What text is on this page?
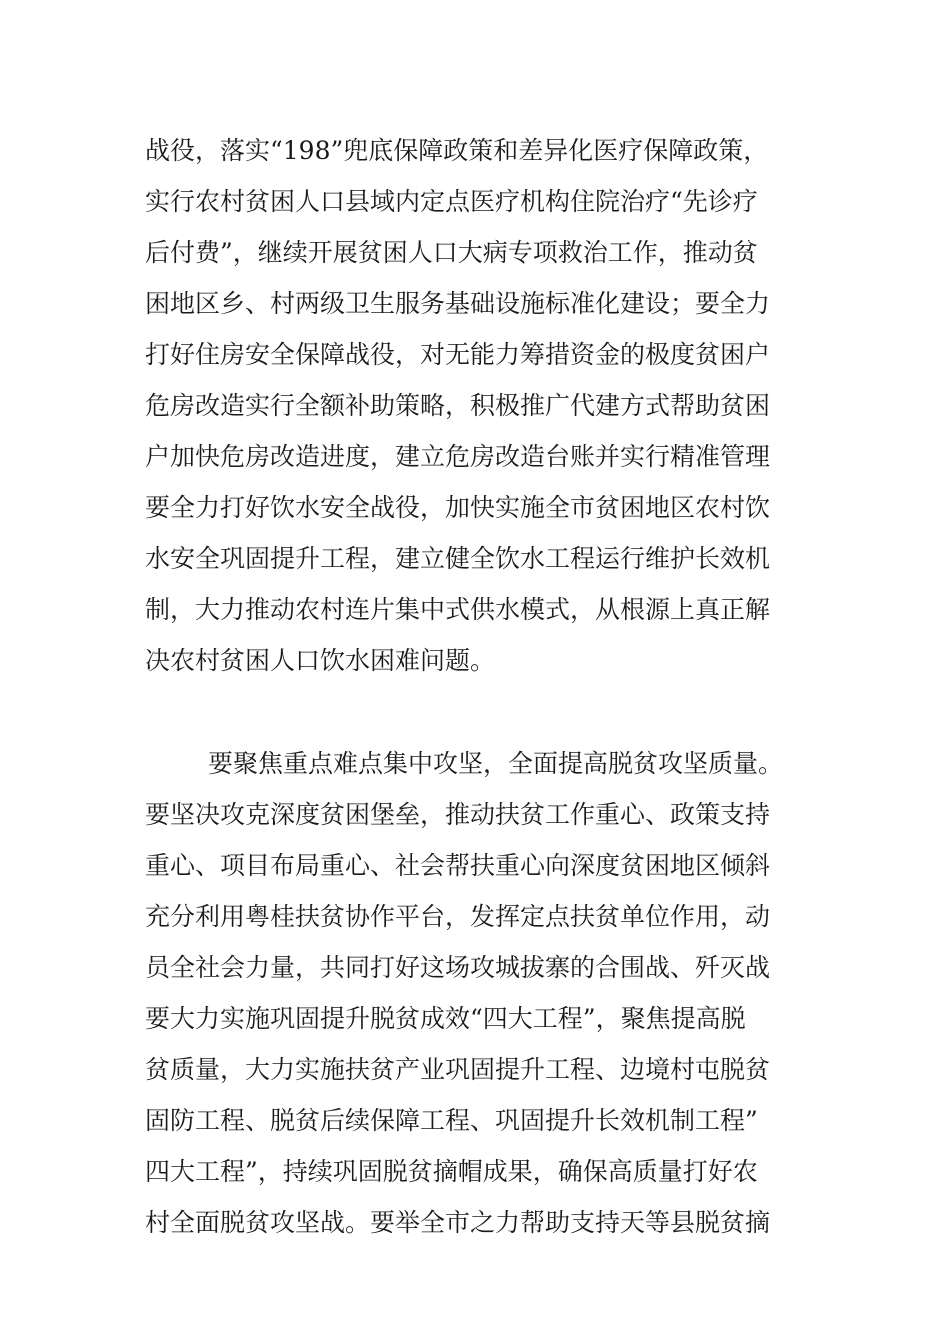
战役，落实“198”兜底保障政策和差异化医疗保障政策，
实行农村贫困人口县域内定点医疗机构住院治疗“先诊疗
后付费”，继续开展贫困人口大病专项救治工作，推动贫
困地区乡、村两级卫生服务基础设施标准化建设；要全力
打好住房安全保障战役，对无能力筹措资金的极度贫困户
危房改造实行全额补助策略，积极推广代建方式帮助贫困
户加快危房改造进度，建立危房改造台账并实行精准管理
要全力打好饮水安全战役，加快实施全市贫困地区农村饮
水安全巩固提升工程，建立健全饮水工程运行维护长效机
制，大力推动农村连片集中式供水模式，从根源上真正解
决农村贫困人口饮水困难问题。
要聚焦重点难点集中攻坚，全面提高脱贫攻坚质量。
要坚决攻克深度贫困堡垒，推动扶贫工作重心、政策支持
重心、项目布局重心、社会帮扶重心向深度贫困地区倾斜
充分利用粤桂扶贫协作平台，发挥定点扶贫单位作用，动
员全社会力量，共同打好这场攻城拔寨的合围战、歼灭战
要大力实施巩固提升脱贫成效“四大工程”，聚焦提高脱
贫质量，大力实施扶贫产业巩固提升工程、边境村屯脱贫
固防工程、脱贫后续保障工程、巩固提升长效机制工程”
四大工程”，持续巩固脱贫摘帽成果，确保高质量打好农
村全面脱贫攻坚战。要举全市之力帮助支持天等县脱贫摘
